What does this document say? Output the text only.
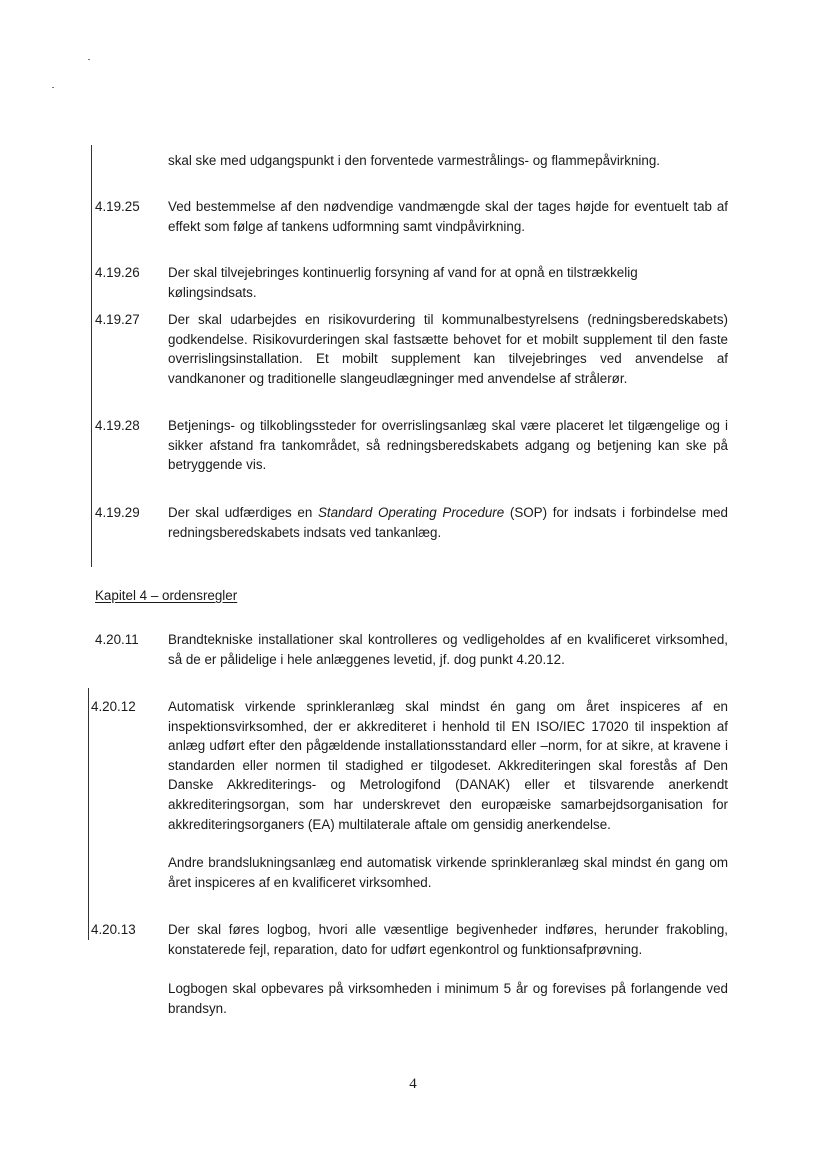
skal ske med udgangspunkt i den forventede varmestrålings- og flammepåvirkning.
4.19.25 Ved bestemmelse af den nødvendige vandmængde skal der tages højde for eventuelt tab af effekt som følge af tankens udformning samt vindpåvirkning.
4.19.26 Der skal tilvejebringes kontinuerlig forsyning af vand for at opnå en tilstrækkelig kølingsindsats.
4.19.27 Der skal udarbejdes en risikovurdering til kommunalbestyrelsens (redningsberedskabets) godkendelse. Risikovurderingen skal fastsætte behovet for et mobilt supplement til den faste overrislingsinstallation. Et mobilt supplement kan tilvejebringes ved anvendelse af vandkanoner og traditionelle slangeudlægninger med anvendelse af strålerør.
4.19.28 Betjenings- og tilkoblingssteder for overrislingsanlæg skal være placeret let tilgængelige og i sikker afstand fra tankområdet, så redningsberedskabets adgang og betjening kan ske på betryggende vis.
4.19.29 Der skal udfærdiges en Standard Operating Procedure (SOP) for indsats i forbindelse med redningsberedskabets indsats ved tankanlæg.
Kapitel 4 – ordensregler
4.20.11 Brandtekniske installationer skal kontrolleres og vedligeholdes af en kvalificeret virksomhed, så de er pålidelige i hele anlæggenes levetid, jf. dog punkt 4.20.12.
4.20.12 Automatisk virkende sprinkleranlæg skal mindst én gang om året inspiceres af en inspektionsvirksomhed, der er akkrediteret i henhold til EN ISO/IEC 17020 til inspektion af anlæg udført efter den pågældende installationsstandard eller –norm, for at sikre, at kravene i standarden eller normen til stadighed er tilgodeset. Akkrediteringen skal forestås af Den Danske Akkrediterings- og Metrologifond (DANAK) eller et tilsvarende anerkendt akkrediteringsorgan, som har underskrevet den europæiske samarbejdsorganisation for akkrediteringsorganers (EA) multilaterale aftale om gensidig anerkendelse.
Andre brandslukningsanlæg end automatisk virkende sprinkleranlæg skal mindst én gang om året inspiceres af en kvalificeret virksomhed.
4.20.13 Der skal føres logbog, hvori alle væsentlige begivenheder indføres, herunder frakobling, konstaterede fejl, reparation, dato for udført egenkontrol og funktionsafprøvning.
Logbogen skal opbevares på virksomheden i minimum 5 år og forevises på forlangende ved brandsyn.
4
